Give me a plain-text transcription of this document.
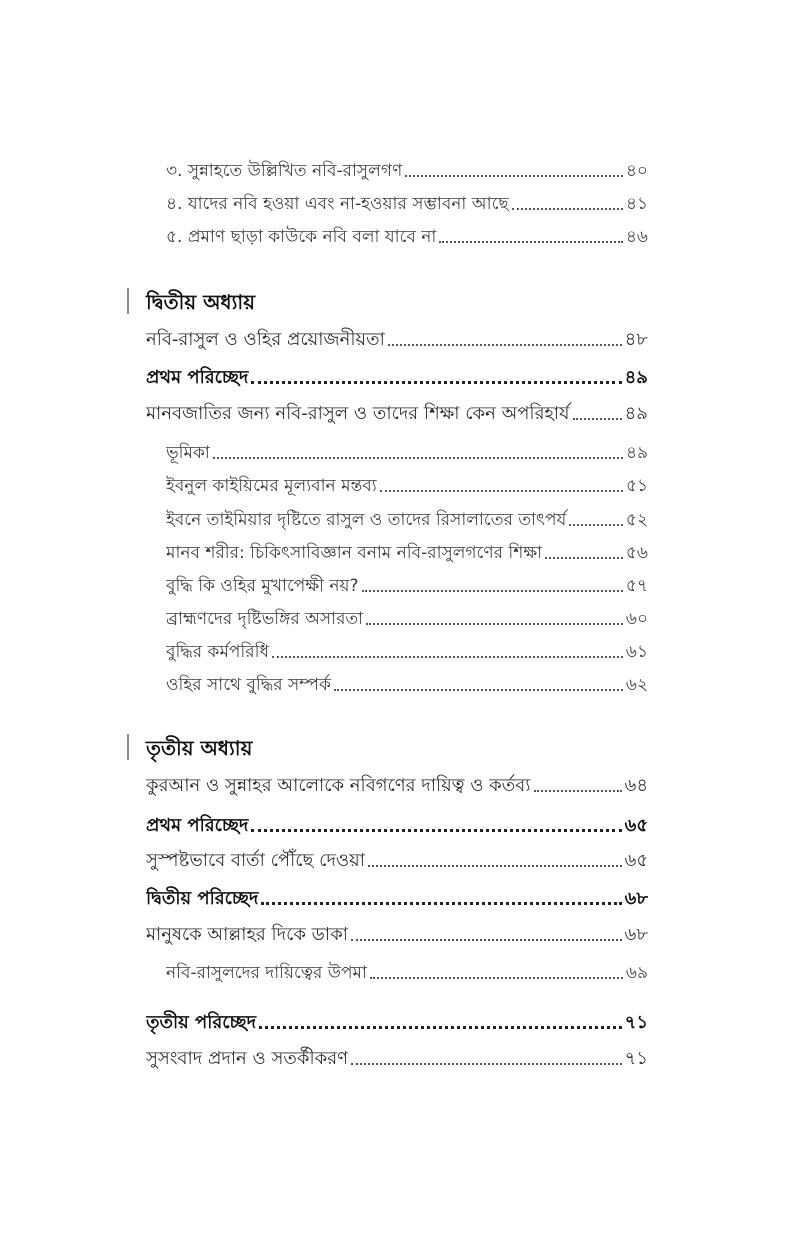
৩. সুন্নাহতে উল্লিখিত নবি-রাসুলগণ	৪০
৪. যাদের নবি হওয়া এবং না-হওয়ার সম্ভাবনা আছে	৪১
৫. প্রমাণ ছাড়া কাউকে নবি বলা যাবে না	৪৬
দ্বিতীয় অধ্যায়
নবি-রাসুল ও ওহির প্রয়োজনীয়তা	৪৮
প্রথম পরিচ্ছেদ	৪৯
মানবজাতির জন্য নবি-রাসুল ও তাদের শিক্ষা কেন অপরিহার্য	৪৯
ভূমিকা	৪৯
ইবনুল কাইয়িমের মূল্যবান মন্তব্য	৫১
ইবনে তাইমিয়ার দৃষ্টিতে রাসুল ও তাদের রিসালাতের তাৎপর্য	৫২
মানব শরীর: চিকিৎসাবিজ্ঞান বনাম নবি-রাসুলগণের শিক্ষা	৫৬
বুদ্ধি কি ওহির মুখাপেক্ষী নয়?	৫৭
ব্রাহ্মণদের দৃষ্টিভঙ্গির অসারতা	৬০
বুদ্ধির কর্মপরিধি	৬১
ওহির সাথে বুদ্ধির সম্পর্ক	৬২
তৃতীয় অধ্যায়
কুরআন ও সুন্নাহর আলোকে নবিগণের দায়িত্ব ও কর্তব্য	৬৪
প্রথম পরিচ্ছেদ	৬৫
সুস্পষ্টভাবে বার্তা পৌঁছে দেওয়া	৬৫
দ্বিতীয় পরিচ্ছেদ	৬৮
মানুষকে আল্লাহর দিকে ডাকা	৬৮
নবি-রাসুলদের দায়িত্বের উপমা	৬৯
তৃতীয় পরিচ্ছেদ	৭১
সুসংবাদ প্রদান ও সতর্কীকরণ	৭১
